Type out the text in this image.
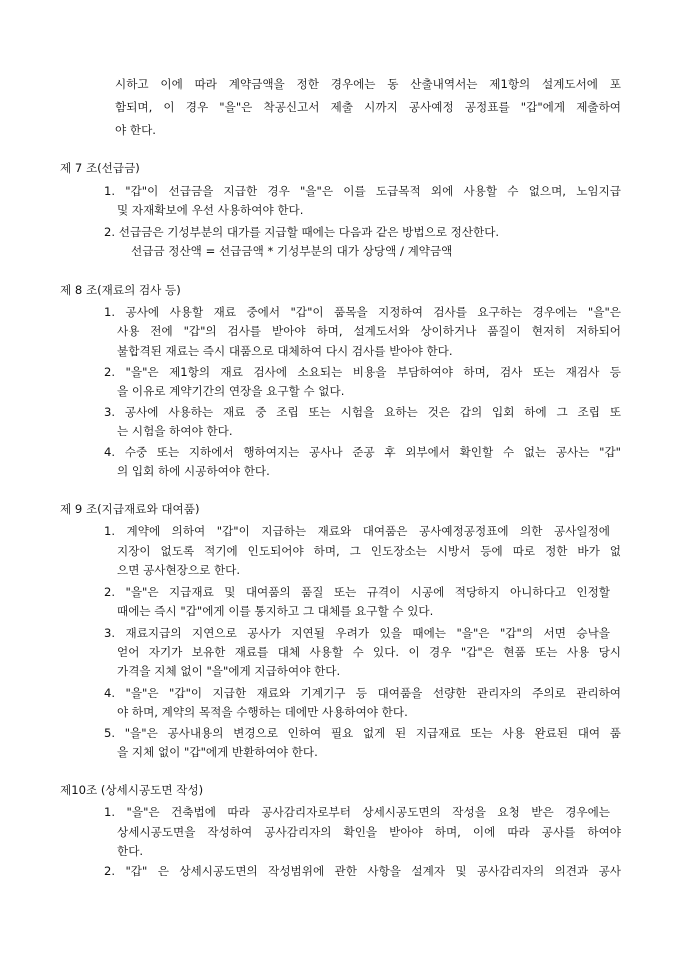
시하고 이에 따라 계약금액을 정한 경우에는 동 산출내역서는 제1항의 설계도서에 포
함되며, 이 경우 "을"은 착공신고서 제출 시까지 공사예정 공정표를 "갑"에게 제출하여
야 한다.
제 7 조(선급금)
1. "갑"이 선급금을 지급한 경우 "을"은 이를 도급목적 외에 사용할 수 없으며, 노임지급
및 자재확보에 우선 사용하여야 한다.
2. 선급금은 기성부분의 대가를 지급할 때에는 다음과 같은 방법으로 정산한다.
선급금 정산액 = 선급금액 * 기성부분의 대가 상당액 / 계약금액
제 8 조(재료의 검사 등)
1. 공사에 사용할 재료 중에서 "갑"이 품목을 지정하여 검사를 요구하는 경우에는 "을"은
사용 전에 "갑"의 검사를 받아야 하며, 설계도서와 상이하거나 품질이 현저히 저하되어
불합격된 재료는 즉시 대품으로 대체하여 다시 검사를 받아야 한다.
2. "을"은 제1항의 재료 검사에 소요되는 비용을 부담하여야 하며, 검사 또는 재검사 등
을 이유로 계약기간의 연장을 요구할 수 없다.
3. 공사에 사용하는 재료 중 조립 또는 시험을 요하는 것은 갑의 입회 하에 그 조립 또
는 시험을 하여야 한다.
4. 수중 또는 지하에서 행하여지는 공사나 준공 후 외부에서 확인할 수 없는 공사는 "갑"
의 입회 하에 시공하여야 한다.
제 9 조(지급재료와 대여품)
1. 계약에 의하여 "갑"이 지급하는 재료와 대여품은 공사예정공정표에 의한 공사일정에
지장이 없도록 적기에 인도되어야 하며, 그 인도장소는 시방서 등에 따로 정한 바가 없
으면 공사현장으로 한다.
2. "을"은 지급재료 및 대여품의 품질 또는 규격이 시공에 적당하지 아니하다고 인정할
때에는 즉시 "갑"에게 이를 통지하고 그 대체를 요구할 수 있다.
3. 재료지급의 지연으로 공사가 지연될 우려가 있을 때에는 "을"은 "갑"의 서면 승낙을
얻어 자기가 보유한 재료를 대체 사용할 수 있다. 이 경우 "갑"은 현품 또는 사용 당시
가격을 지체 없이 "을"에게 지급하여야 한다.
4. "을"은 "갑"이 지급한 재료와 기계기구 등 대여품을 선량한 관리자의 주의로 관리하여
야 하며, 계약의 목적을 수행하는 데에만 사용하여야 한다.
5. "을"은 공사내용의 변경으로 인하여 필요 없게 된 지급재료 또는 사용 완료된 대여 품
을 지체 없이 "갑"에게 반환하여야 한다.
제10조 (상세시공도면 작성)
1. "을"은 건축법에 따라 공사감리자로부터 상세시공도면의 작성을 요청 받은 경우에는
상세시공도면을 작성하여 공사감리자의 확인을 받아야 하며, 이에 따라 공사를 하여야
한다.
2. "갑" 은 상세시공도면의 작성범위에 관한 사항을 설계자 및 공사감리자의 의견과 공사
